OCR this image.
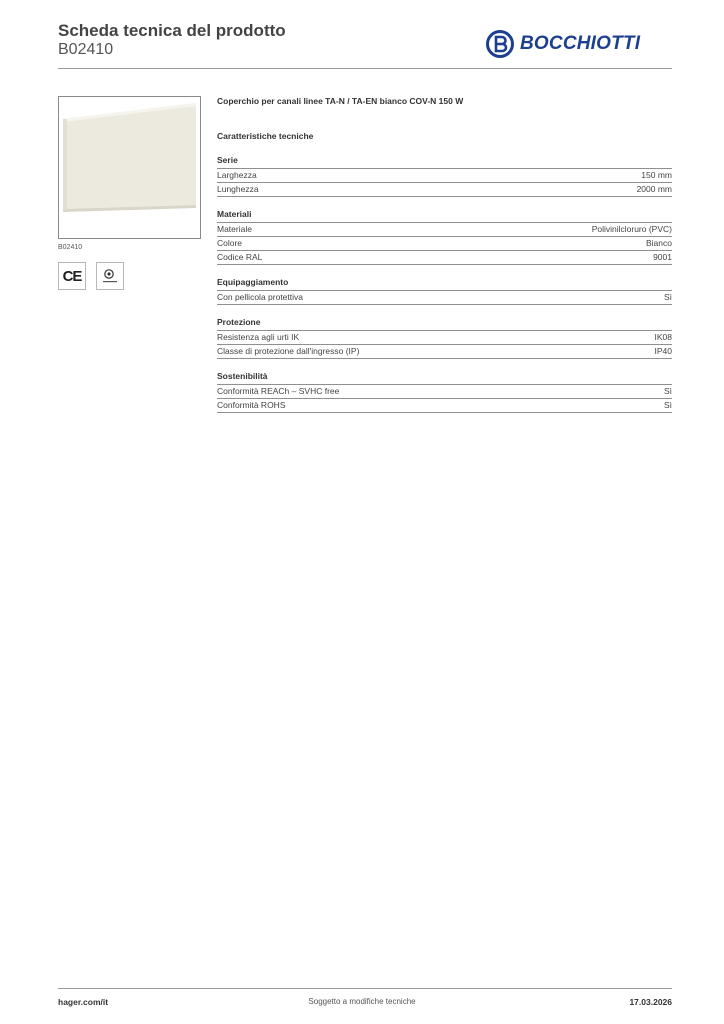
Scheda tecnica del prodotto
B02410	BOCCHIOTTI
B02410
CE
Coperchio per canali linee TA-N / TA-EN bianco COV-N 150 W
Caratteristiche tecniche
Serie
Larghezza	150 mm
Lunghezza	2000 mm
Materiali
Materiale	Polivinilcloruro (PVC)
Colore	Bianco
Codice RAL	9001
Equipaggiamento
Con pellicola protettiva	Sì
Protezione
Resistenza agli urti IK	IK08
Classe di protezione dall'ingresso (IP)	IP40
Sostenibilità
Conformità REACh – SVHC free	Sì
Conformità ROHS	Sì
hager.com/it	Soggetto a modifiche tecniche	17.03.2026
